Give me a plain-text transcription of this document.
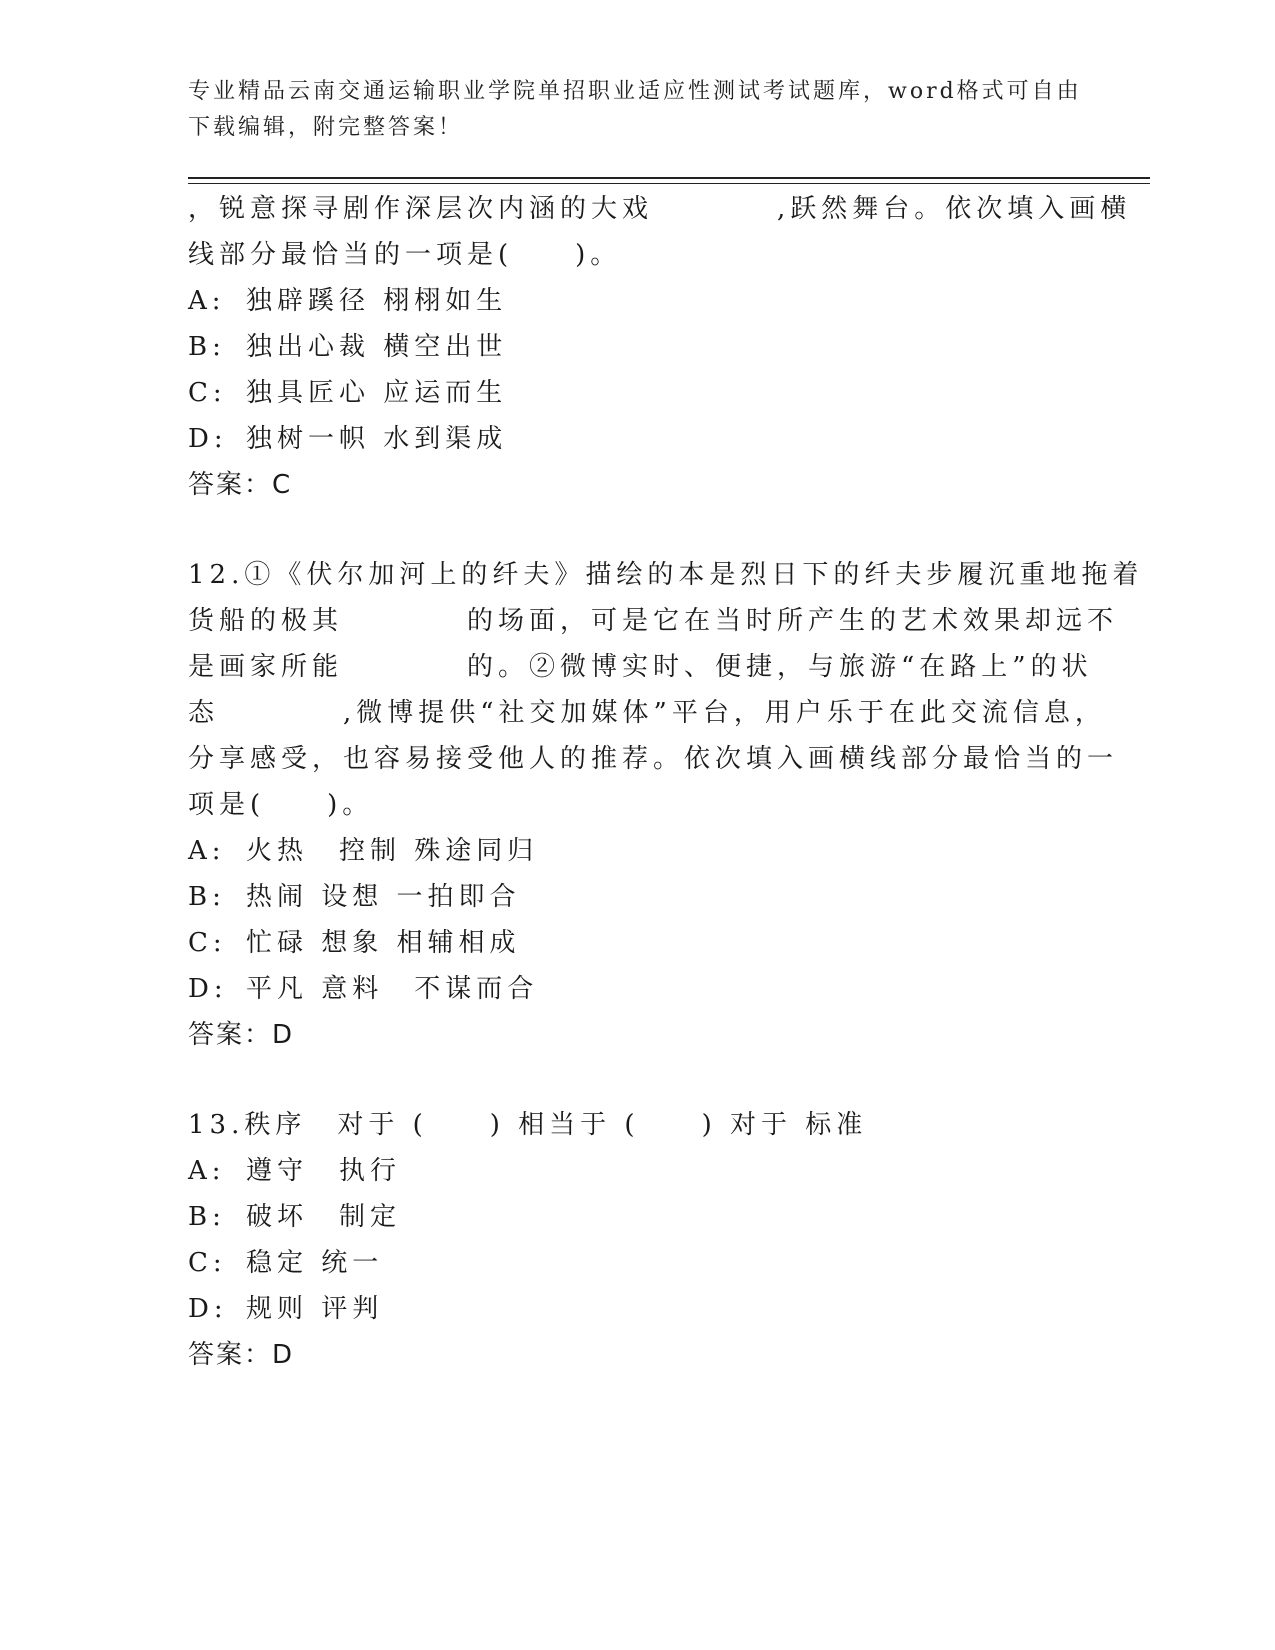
专业精品云南交通运输职业学院单招职业适应性测试考试题库，word格式可自由
下载编辑，附完整答案！
，锐意探寻剧作深层次内涵的大戏　　　　,跃然舞台。依次填入画横
线部分最恰当的一项是(　　)。
A: 独辟蹊径 栩栩如生
B: 独出心裁 横空出世
C: 独具匠心 应运而生
D: 独树一帜 水到渠成
答案：C
12.①《伏尔加河上的纤夫》描绘的本是烈日下的纤夫步履沉重地拖着
货船的极其　　　　的场面，可是它在当时所产生的艺术效果却远不
是画家所能　　　　的。②微博实时、便捷，与旅游“在路上”的状
态　　　　,微博提供“社交加媒体”平台，用户乐于在此交流信息，
分享感受，也容易接受他人的推荐。依次填入画横线部分最恰当的一
项是(　　)。
A: 火热　控制 殊途同归
B: 热闹 设想 一拍即合
C: 忙碌 想象 相辅相成
D: 平凡 意料　不谋而合
答案：D
13.秩序　对于 (　　) 相当于 (　　) 对于 标准
A: 遵守　执行
B: 破坏　制定
C: 稳定 统一
D: 规则 评判
答案：D
